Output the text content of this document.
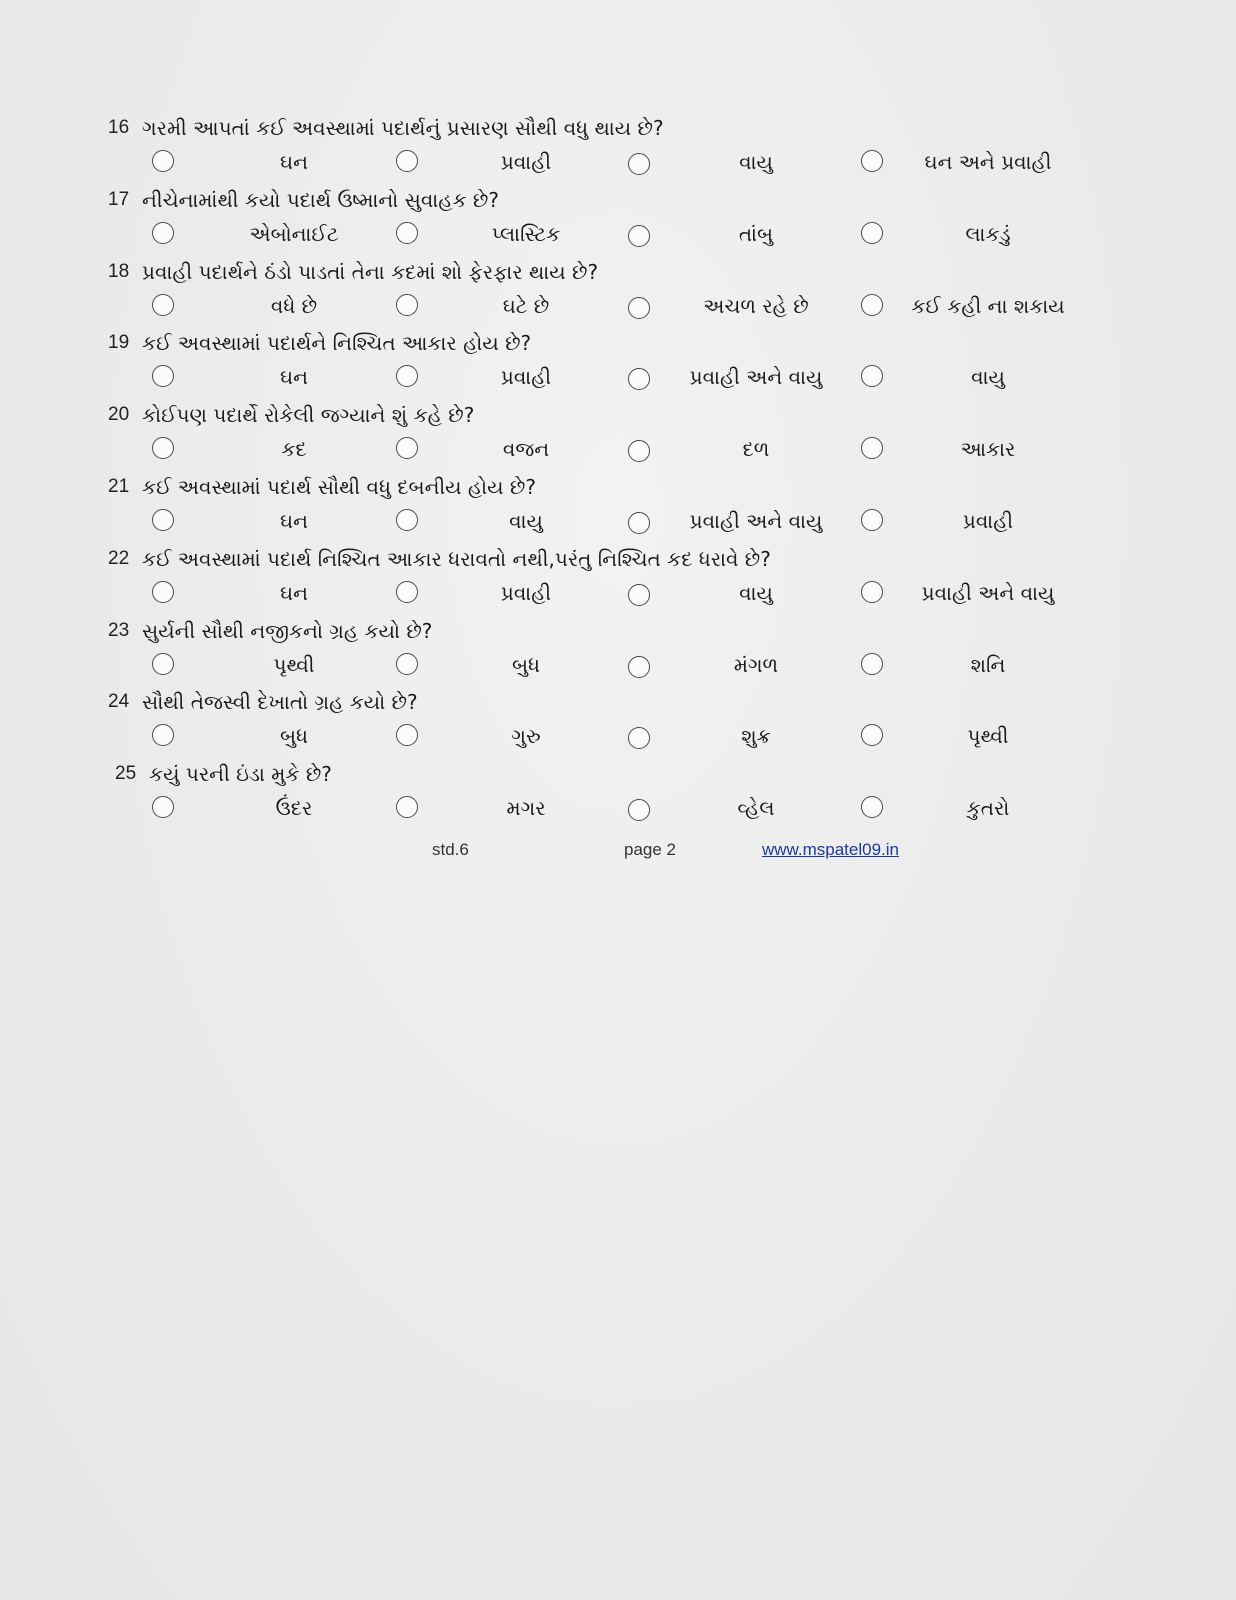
std.6	page 2	www.mspatel09.in
16 ગરમી આપતાં કઈ અવસ્થામાં પદાર્થનું પ્રસારણ સૌથી વધુ થાય છે?
ઘન	પ્રવાહી	વાયુ	ઘન અને પ્રવાહી
17 નીચેનામાંથી કયો પદાર્થ ઉષ્માનો સુવાહક છે?
એબોનાઈટ	પ્લાસ્ટિક	તાંબુ	લાકડું
18 પ્રવાહી પદાર્થને ઠંડો પાડતાં તેના કદમાં શો ફેરફાર થાય છે?
વધે છે	ઘટે છે	અચળ રહે છે	કઈ કહી ના શકાય
19 કઈ અવસ્થામાં પદાર્થને નિશ્ચિત આકાર હોય છે?
ઘન	પ્રવાહી	પ્રવાહી અને વાયુ	વાયુ
20 કોઈપણ પદાર્થે રોકેલી જગ્યાને શું કહે છે?
કદ	વજન	દળ	આકાર
21 કઈ અવસ્થામાં પદાર્થ સૌથી વધુ દબનીય હોય છે?
ઘન	વાયુ	પ્રવાહી અને વાયુ	પ્રવાહી
22 કઈ અવસ્થામાં પદાર્થ નિશ્ચિત આકાર ધરાવતો નથી,પરંતુ નિશ્ચિત કદ ધરાવે છે?
ઘન	પ્રવાહી	વાયુ	પ્રવાહી અને વાયુ
23 સુર્યની સૌથી નજીકનો ગ્રહ કયો છે?
પૃથ્વી	બુધ	મંગળ	શનિ
24 સૌથી તેજસ્વી દેખાતો ગ્રહ કયો છે?
બુધ	ગુરુ	શુક્ર	પૃથ્વી
25 કયું પરની ઇંડા મુકે છે?
ઉંદર	મગર	વ્હેલ	કુતરો
